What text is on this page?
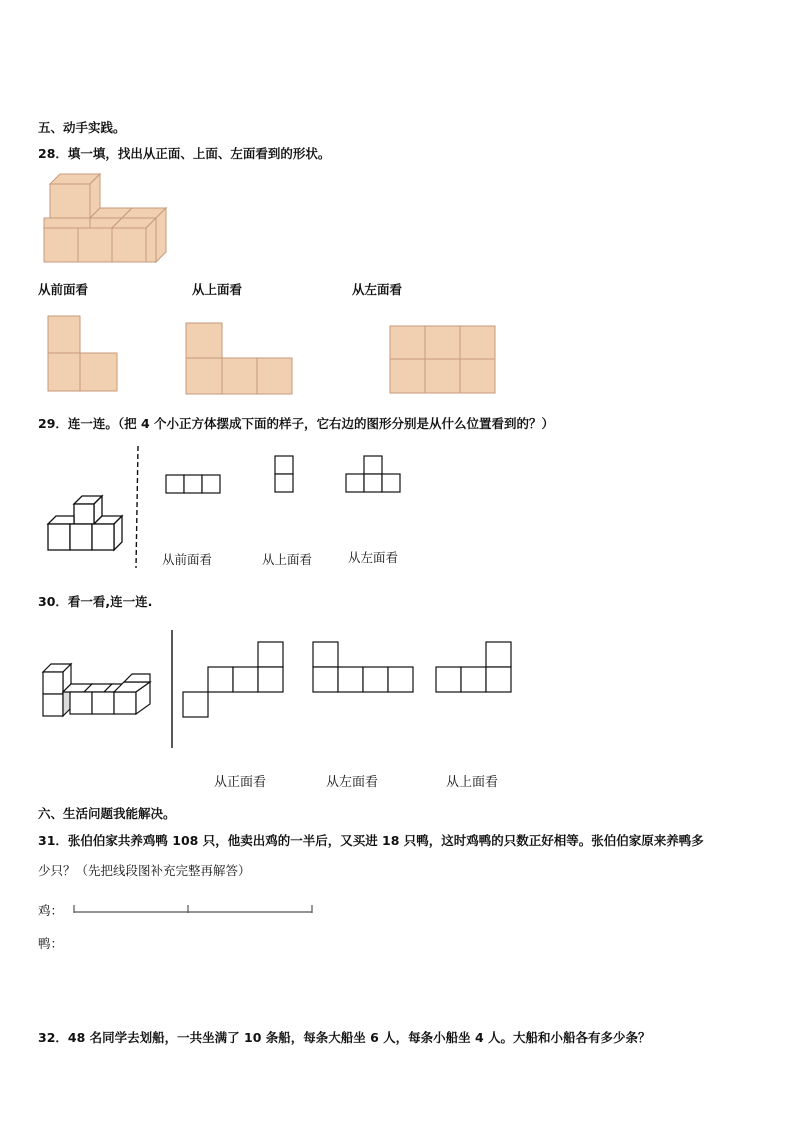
五、动手实践。
28．填一填，找出从正面、上面、左面看到的形状。
从前面看	从上面看	从左面看
29．连一连。（把 4 个小正方体摆成下面的样子，它右边的图形分别是从什么位置看到的？）
从前面看	从上面看	从左面看
30．看一看,连一连.
从正面看	从左面看	从上面看
六、生活问题我能解决。
31．张伯伯家共养鸡鸭 108 只，他卖出鸡的一半后，又买进 18 只鸭，这时鸡鸭的只数正好相等。张伯伯家原来养鸭多
少只？（先把线段图补充完整再解答）
鸡：
鸭：
32．48 名同学去划船，一共坐满了 10 条船，每条大船坐 6 人，每条小船坐 4 人。大船和小船各有多少条？
